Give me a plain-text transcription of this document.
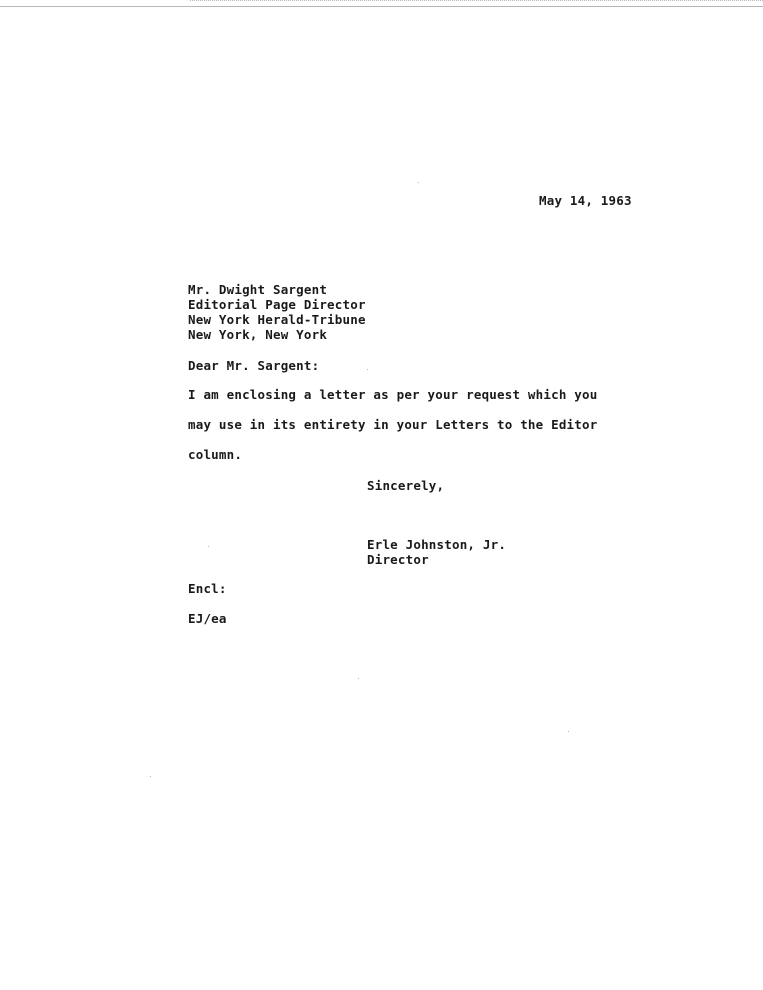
May 14, 1963
Mr. Dwight Sargent
Editorial Page Director
New York Herald-Tribune
New York, New York
Dear Mr. Sargent:
I am enclosing a letter as per your request which you
may use in its entirety in your Letters to the Editor
column.
Sincerely,
Erle Johnston, Jr.
Director
Encl:
EJ/ea
